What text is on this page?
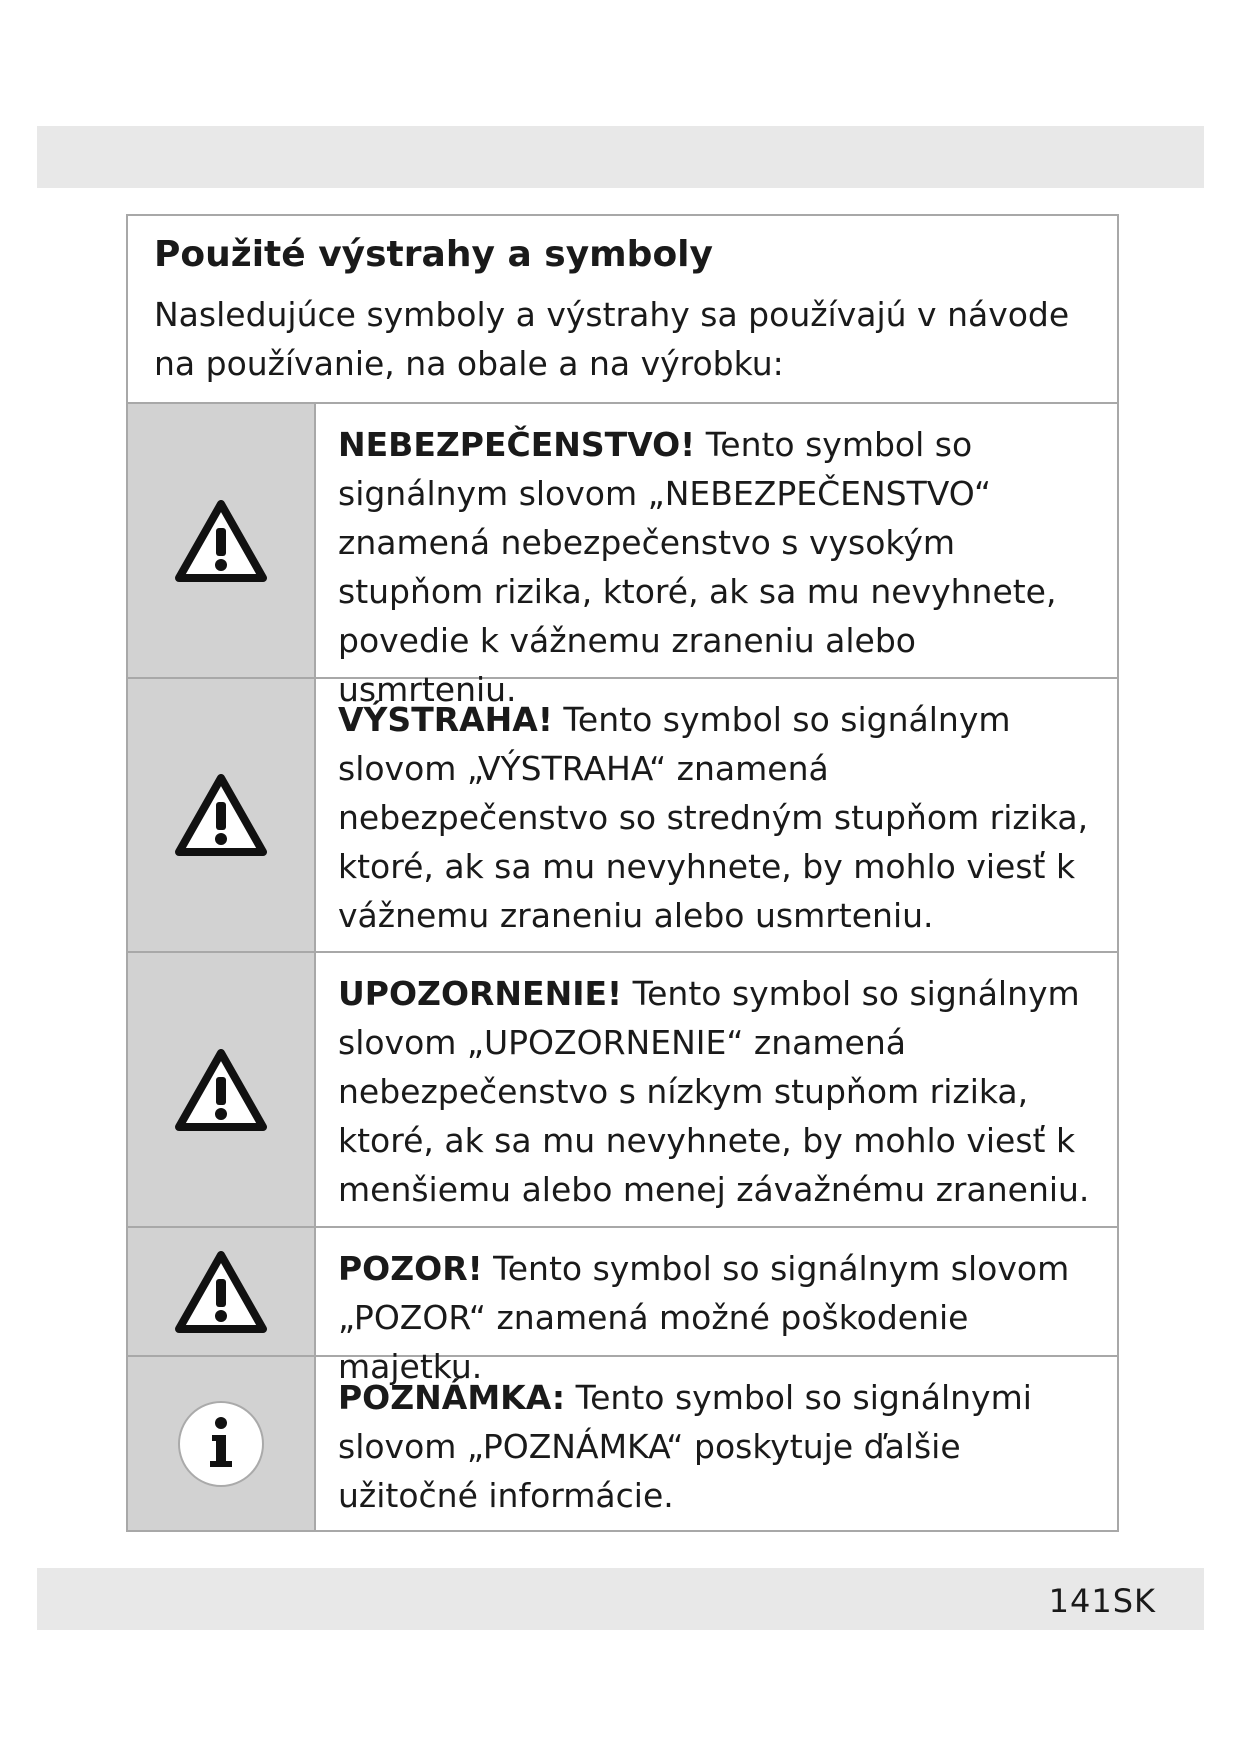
Použité výstrahy a symboly

Nasledujúce symboly a výstrahy sa používajú v návode na používanie, na obale a na výrobku:

NEBEZPEČENSTVO! Tento symbol so signálnym slovom „NEBEZPEČENSTVO“ znamená nebezpečenstvo s vysokým stupňom rizika, ktoré, ak sa mu nevyhnete, povedie k vážnemu zraneniu alebo usmrteniu.

VÝSTRAHA! Tento symbol so signálnym slovom „VÝSTRAHA“ znamená nebezpečenstvo so stredným stupňom rizika, ktoré, ak sa mu nevyhnete, by mohlo viesť k vážnemu zraneniu alebo usmrteniu.

UPOZORNENIE! Tento symbol so signálnym slovom „UPOZORNENIE“ znamená nebezpečenstvo s nízkym stupňom rizika, ktoré, ak sa mu nevyhnete, by mohlo viesť k menšiemu alebo menej závažnému zraneniu.

POZOR! Tento symbol so signálnym slovom „POZOR“ znamená možné poškodenie majetku.

POZNÁMKA: Tento symbol so signálnymi slovom „POZNÁMKA“ poskytuje ďalšie užitočné informácie.

141SK
